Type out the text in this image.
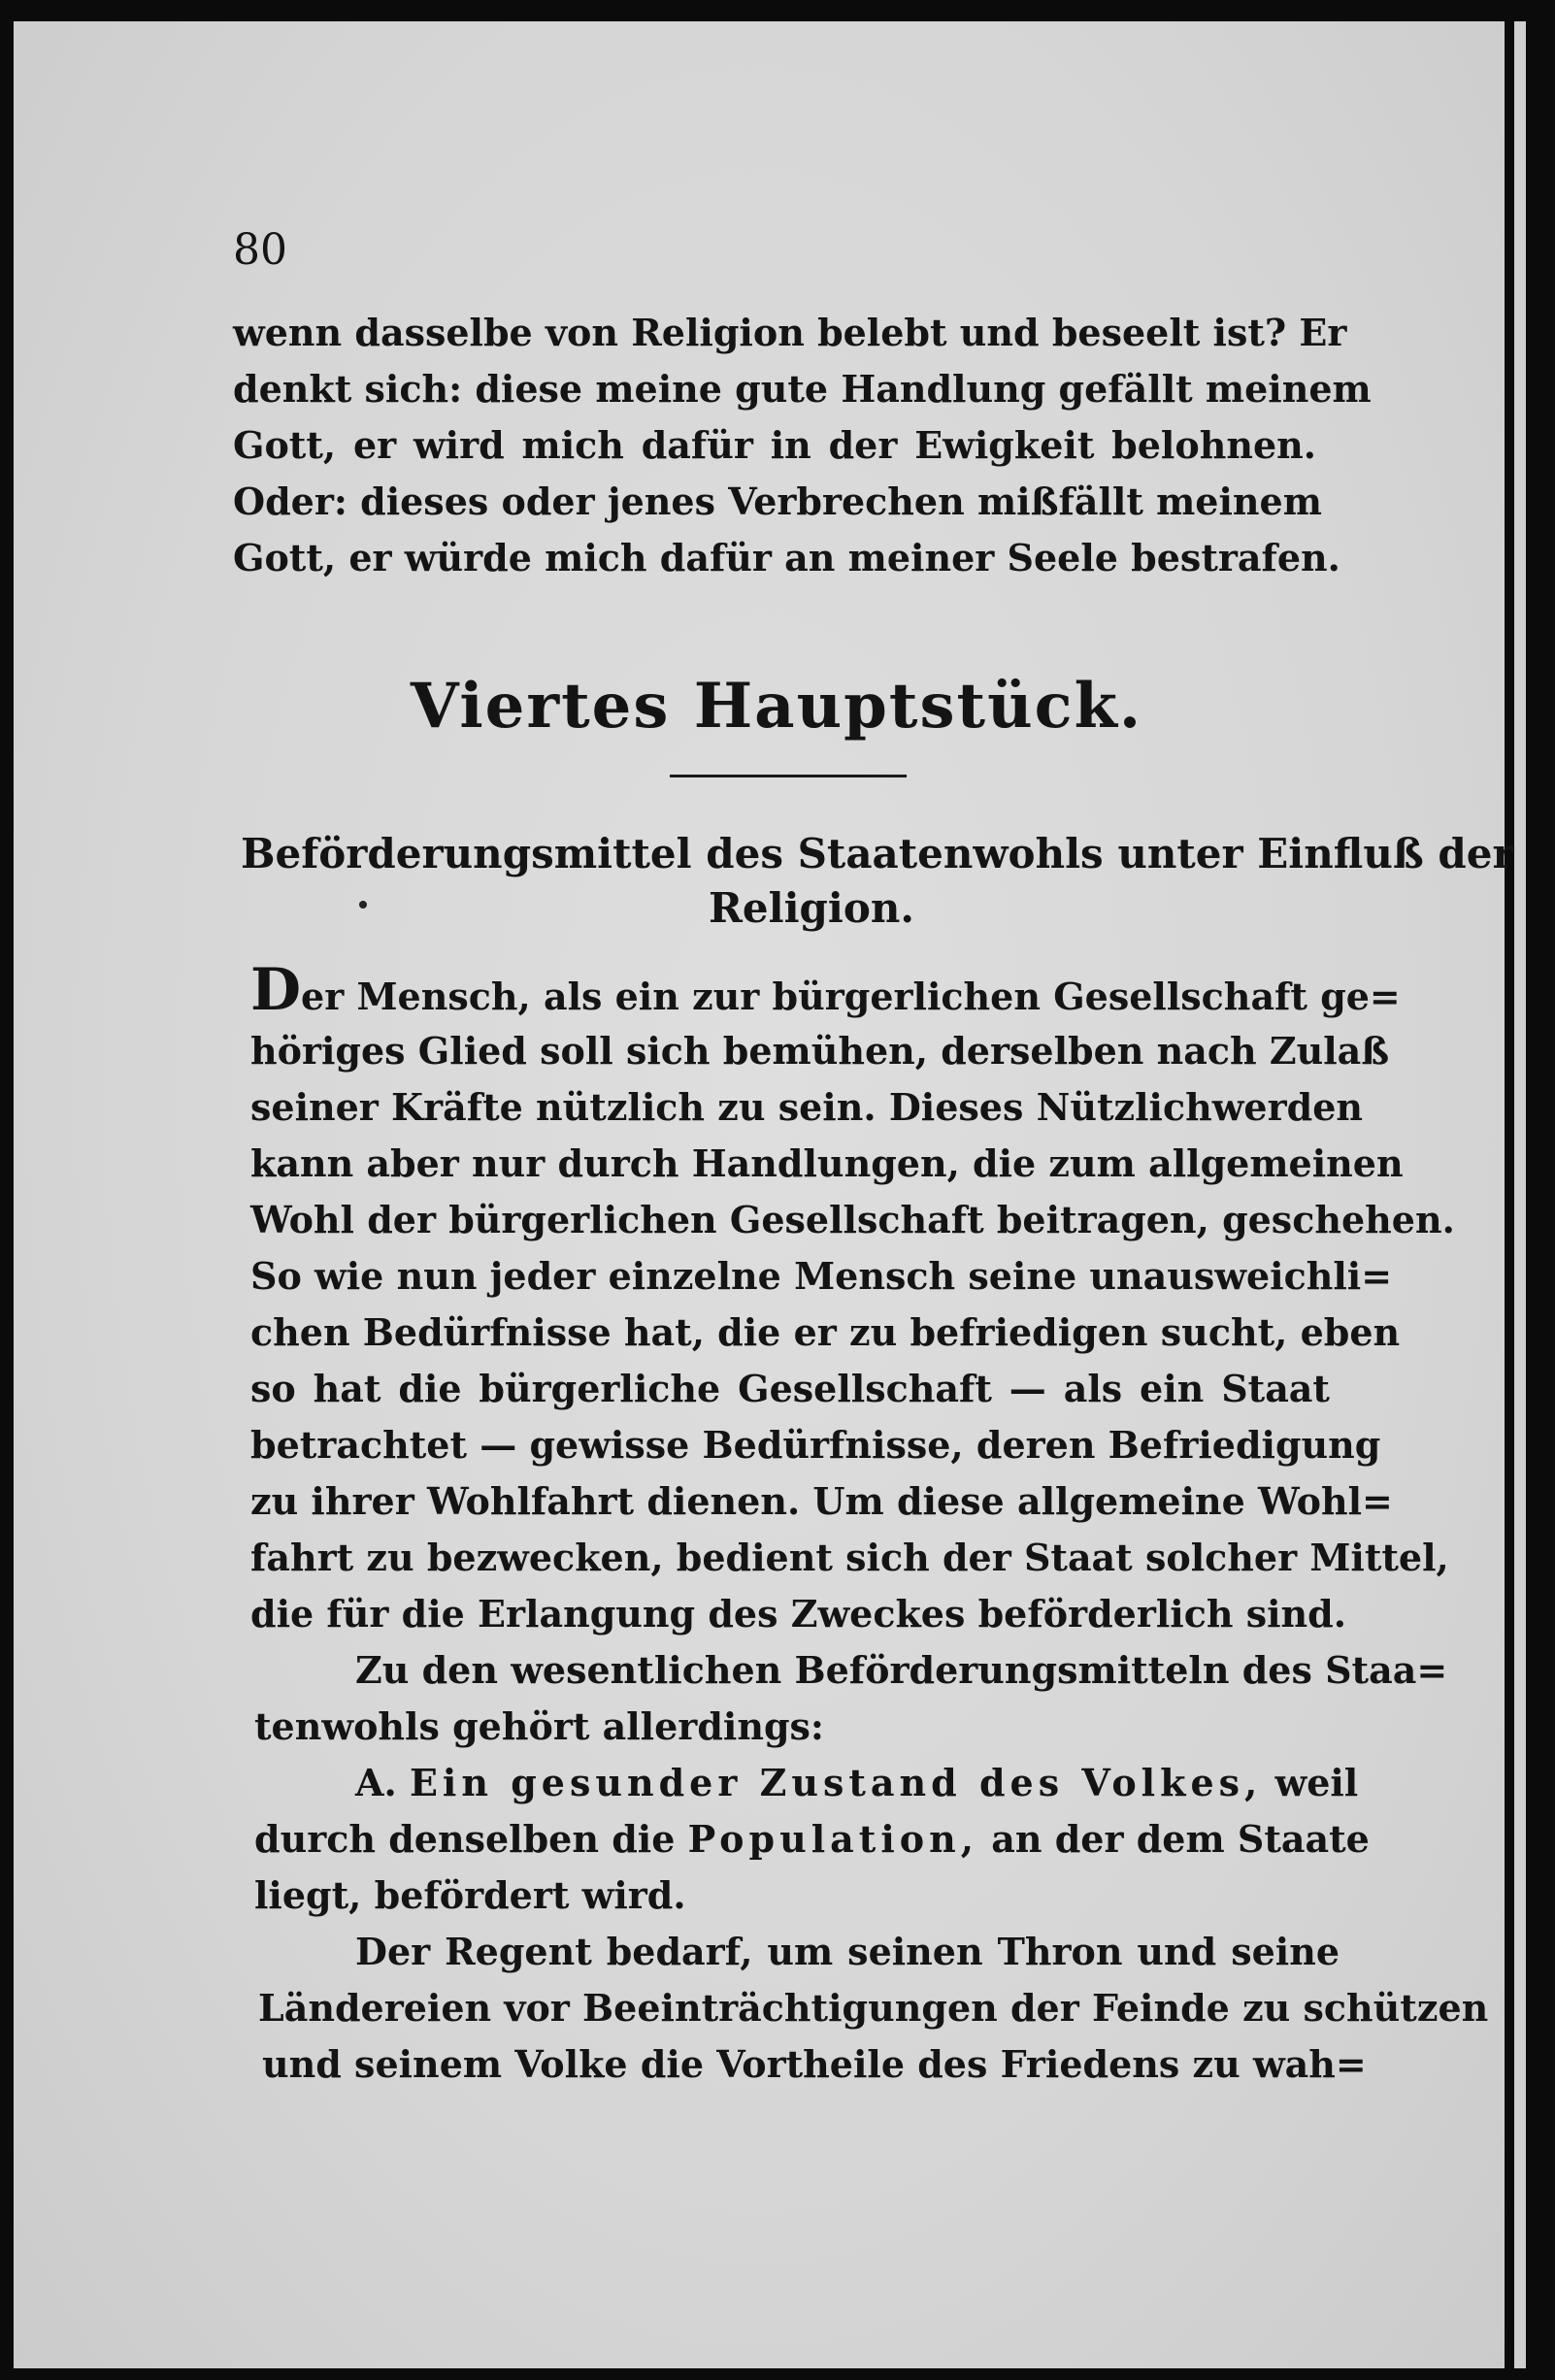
80
wenn dasselbe von Religion belebt und beseelt ist? Er
denkt sich: diese meine gute Handlung gefällt meinem
Gott, er wird mich dafür in der Ewigkeit belohnen.
Oder: dieses oder jenes Verbrechen mißfällt meinem
Gott, er würde mich dafür an meiner Seele bestrafen.
Viertes Hauptstück.
Beförderungsmittel des Staatenwohls unter Einfluß der
Religion.
Der Mensch, als ein zur bürgerlichen Gesellschaft ge=
höriges Glied soll sich bemühen, derselben nach Zulaß
seiner Kräfte nützlich zu sein. Dieses Nützlichwerden
kann aber nur durch Handlungen, die zum allgemeinen
Wohl der bürgerlichen Gesellschaft beitragen, geschehen.
So wie nun jeder einzelne Mensch seine unausweichli=
chen Bedürfnisse hat, die er zu befriedigen sucht, eben
so hat die bürgerliche Gesellschaft — als ein Staat
betrachtet — gewisse Bedürfnisse, deren Befriedigung
zu ihrer Wohlfahrt dienen. Um diese allgemeine Wohl=
fahrt zu bezwecken, bedient sich der Staat solcher Mittel,
die für die Erlangung des Zweckes beförderlich sind.
Zu den wesentlichen Beförderungsmitteln des Staa=
tenwohls gehört allerdings:
A. Ein gesunder Zustand des Volkes, weil
durch denselben die Population, an der dem Staate
liegt, befördert wird.
Der Regent bedarf, um seinen Thron und seine
Ländereien vor Beeinträchtigungen der Feinde zu schützen
und seinem Volke die Vortheile des Friedens zu wah=
